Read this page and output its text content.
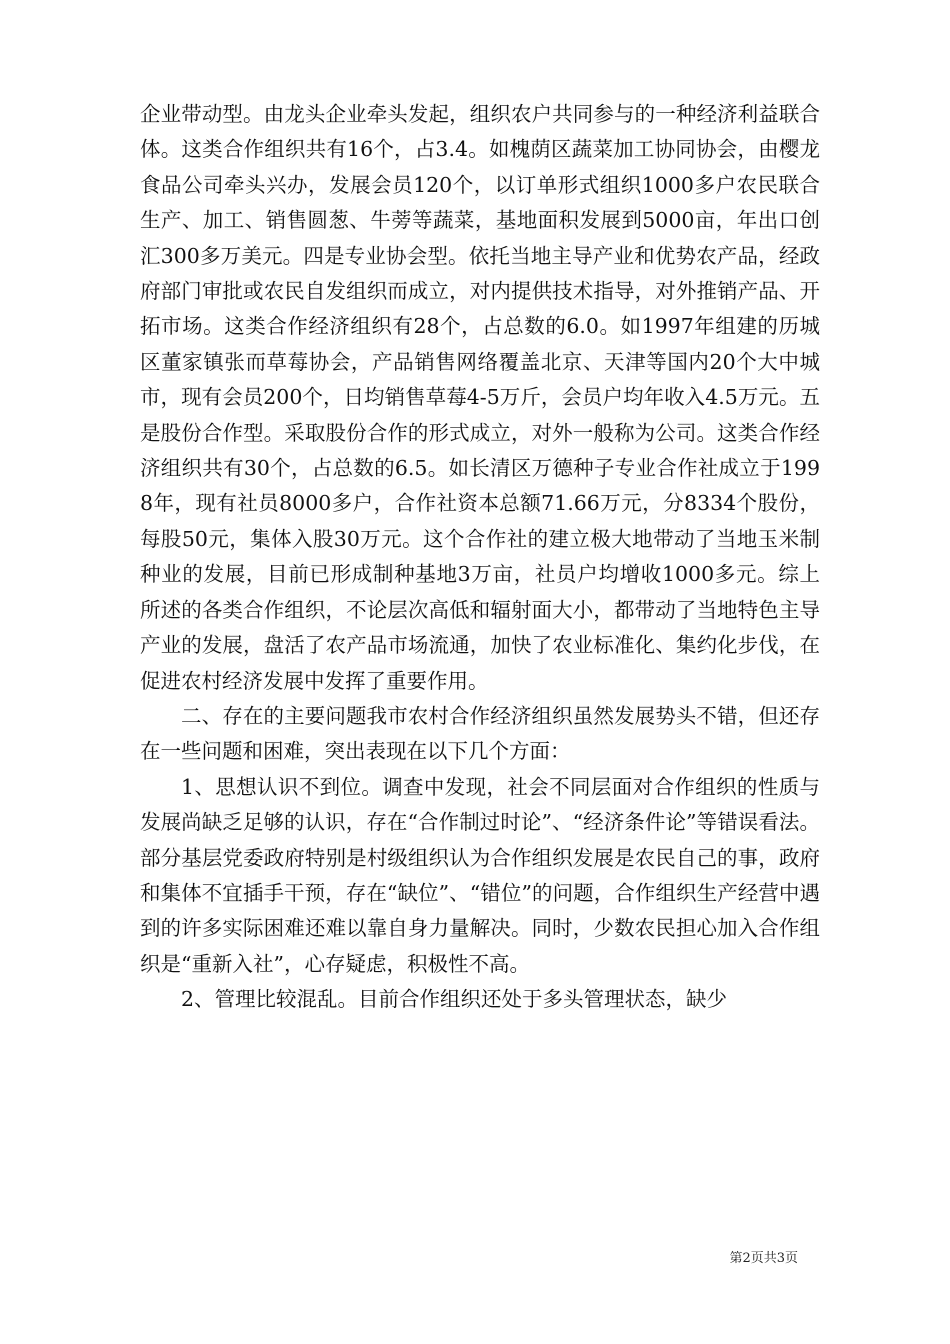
企业带动型。由龙头企业牵头发起，组织农户共同参与的一种经济利益联合体。这类合作组织共有16个，占3.4。如槐荫区蔬菜加工协同协会，由樱龙食品公司牵头兴办，发展会员120个，以订单形式组织1000多户农民联合生产、加工、销售圆葱、牛蒡等蔬菜，基地面积发展到5000亩，年出口创汇300多万美元。四是专业协会型。依托当地主导产业和优势农产品，经政府部门审批或农民自发组织而成立，对内提供技术指导，对外推销产品、开拓市场。这类合作经济组织有28个，占总数的6.0。如1997年组建的历城区董家镇张而草莓协会，产品销售网络覆盖北京、天津等国内20个大中城市，现有会员200个，日均销售草莓4-5万斤，会员户均年收入4.5万元。五是股份合作型。采取股份合作的形式成立，对外一般称为公司。这类合作经济组织共有30个，占总数的6.5。如长清区万德种子专业合作社成立于1998年，现有社员8000多户，合作社资本总额71.66万元，分8334个股份，每股50元，集体入股30万元。这个合作社的建立极大地带动了当地玉米制种业的发展，目前已形成制种基地3万亩，社员户均增收1000多元。综上所述的各类合作组织，不论层次高低和辐射面大小，都带动了当地特色主导产业的发展，盘活了农产品市场流通，加快了农业标准化、集约化步伐，在促进农村经济发展中发挥了重要作用。

二、存在的主要问题我市农村合作经济组织虽然发展势头不错，但还存在一些问题和困难，突出表现在以下几个方面：

1、思想认识不到位。调查中发现，社会不同层面对合作组织的性质与发展尚缺乏足够的认识，存在“合作制过时论”、“经济条件论”等错误看法。部分基层党委政府特别是村级组织认为合作组织发展是农民自己的事，政府和集体不宜插手干预，存在“缺位”、“错位”的问题，合作组织生产经营中遇到的许多实际困难还难以靠自身力量解决。同时，少数农民担心加入合作组织是“重新入社”，心存疑虑，积极性不高。

2、管理比较混乱。目前合作组织还处于多头管理状态，缺少

第2页共3页
